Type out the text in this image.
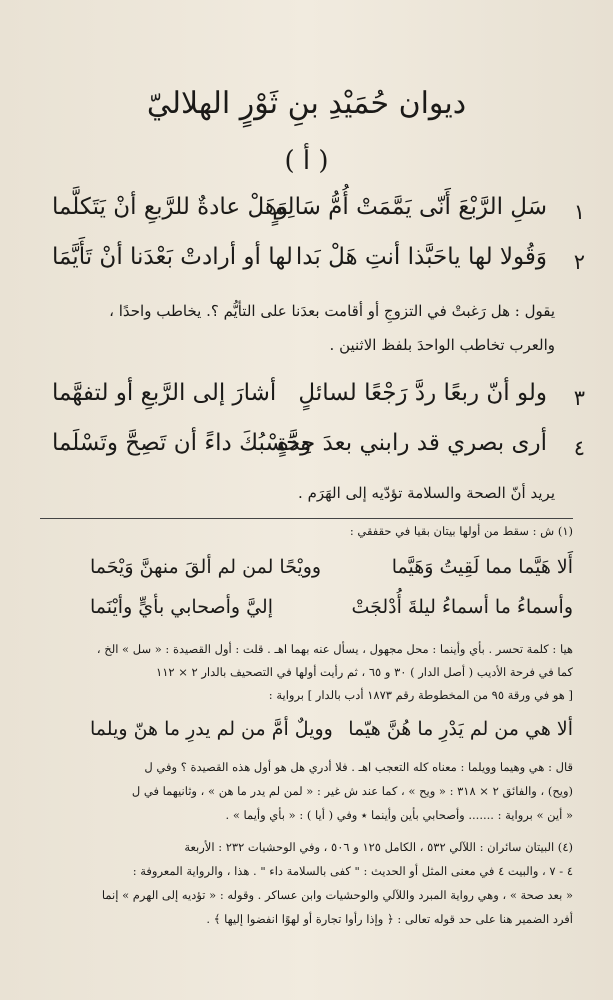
ديوان حُمَيْدِ بنِ ثَوْرٍ الهلاليّ
( أ )
١
سَلِ الرَّبْعَ أَنّى يَمَّمَتْ أُمُّ سَالِمٍ
وَهَلْ عادةٌ للرَّبعِ أنْ يَتَكلَّما
٢
وَقُولا لها ياحَبَّذا أنتِ هَلْ بَدا
لها أو أرادتْ بَعْدَنا أنْ تَأَيَّمَا
يقول : هل رَغبتْ في التزوجِ أو أقامت بعدَنا على التأيُّم ؟. يخاطب واحدًا ،
والعرب تخاطب الواحدَ بلفظ الاثنين .
٣
ولو أنّ ربعًا ردَّ رَجْعًا لسائلٍ
أشارَ إلى الرَّبعِ أو لتفهَّما
٤
أرى بصري قد رابني بعدَ حِدَّةٍ
وحَسْبُكَ داءً أن تَصِحَّ وتَسْلَما
يريد أنّ الصحة والسلامة تؤدّيه إلى الهَرَم .
(١) ش : سقط من أولها بيتان بقيا في حقفقي :
أَلا هَيَّما مما لَقِيتُ وَهَيَّما
وويْحًا لمن لم ألقَ منهنَّ وَيْحَما
وأسماءُ ما أسماءُ ليلةَ أُدْلجَتْ
إليَّ وأصحابي بأيٍّ وأيْنَما
هيا : كلمة تحسر . بأي وأينما : محل مجهول ، يسأل عنه بهما اهـ . قلت : أول القصيدة : « سل » الخ ،
كما في فرحة الأديب ( أصل الدار ) ٣٠ و ٦٥ ، ثم رأيت أولها في التصحيف بالدار ٢ × ١١٢
[ هو في ورقة ٩٥ من المخطوطة رقم ١٨٧٣ أدب بالدار ] برواية :
ألا هي من لم يَدْرِ ما هُنَّ هيّما
وويلٌ أمَّ من لم يدرِ ما هنّ ويلما
قال : هي وهيما وويلما : معناه كله التعجب اهـ . فلا أدري هل هو أول هذه القصيدة ؟ وفي ل
(ويح) ، والفائق ٢ × ٣١٨ : « ويح » ، كما عند ش غير : « لمن لم يدر ما هن » ، وثانيهما في ل
« أين » برواية : ....... وأصحابي بأين وأينما ٭ وفي ( أيا ) : « بأي وأيما » .
(٤) البيتان سائران : اللآلي ٥٣٢ ، الكامل ١٢٥ و ٥٠٦ ، وفي الوحشيات ٢٣٢ : الأربعة
٤ - ٧ ، والبيت ٤ في معنى المثل أو الحديث : " كفى بالسلامة داء " . هذا ، والرواية المعروفة :
« بعد صحة » ، وهي رواية المبرد واللآلي والوحشيات وابن عساكر . وقوله : « تؤديه إلى الهرم » إنما
أفرد الضمير هنا على حد قوله تعالى : ﴿ وإذا رأوا تجارة أو لهوًا انفضوا إليها ﴾ .
